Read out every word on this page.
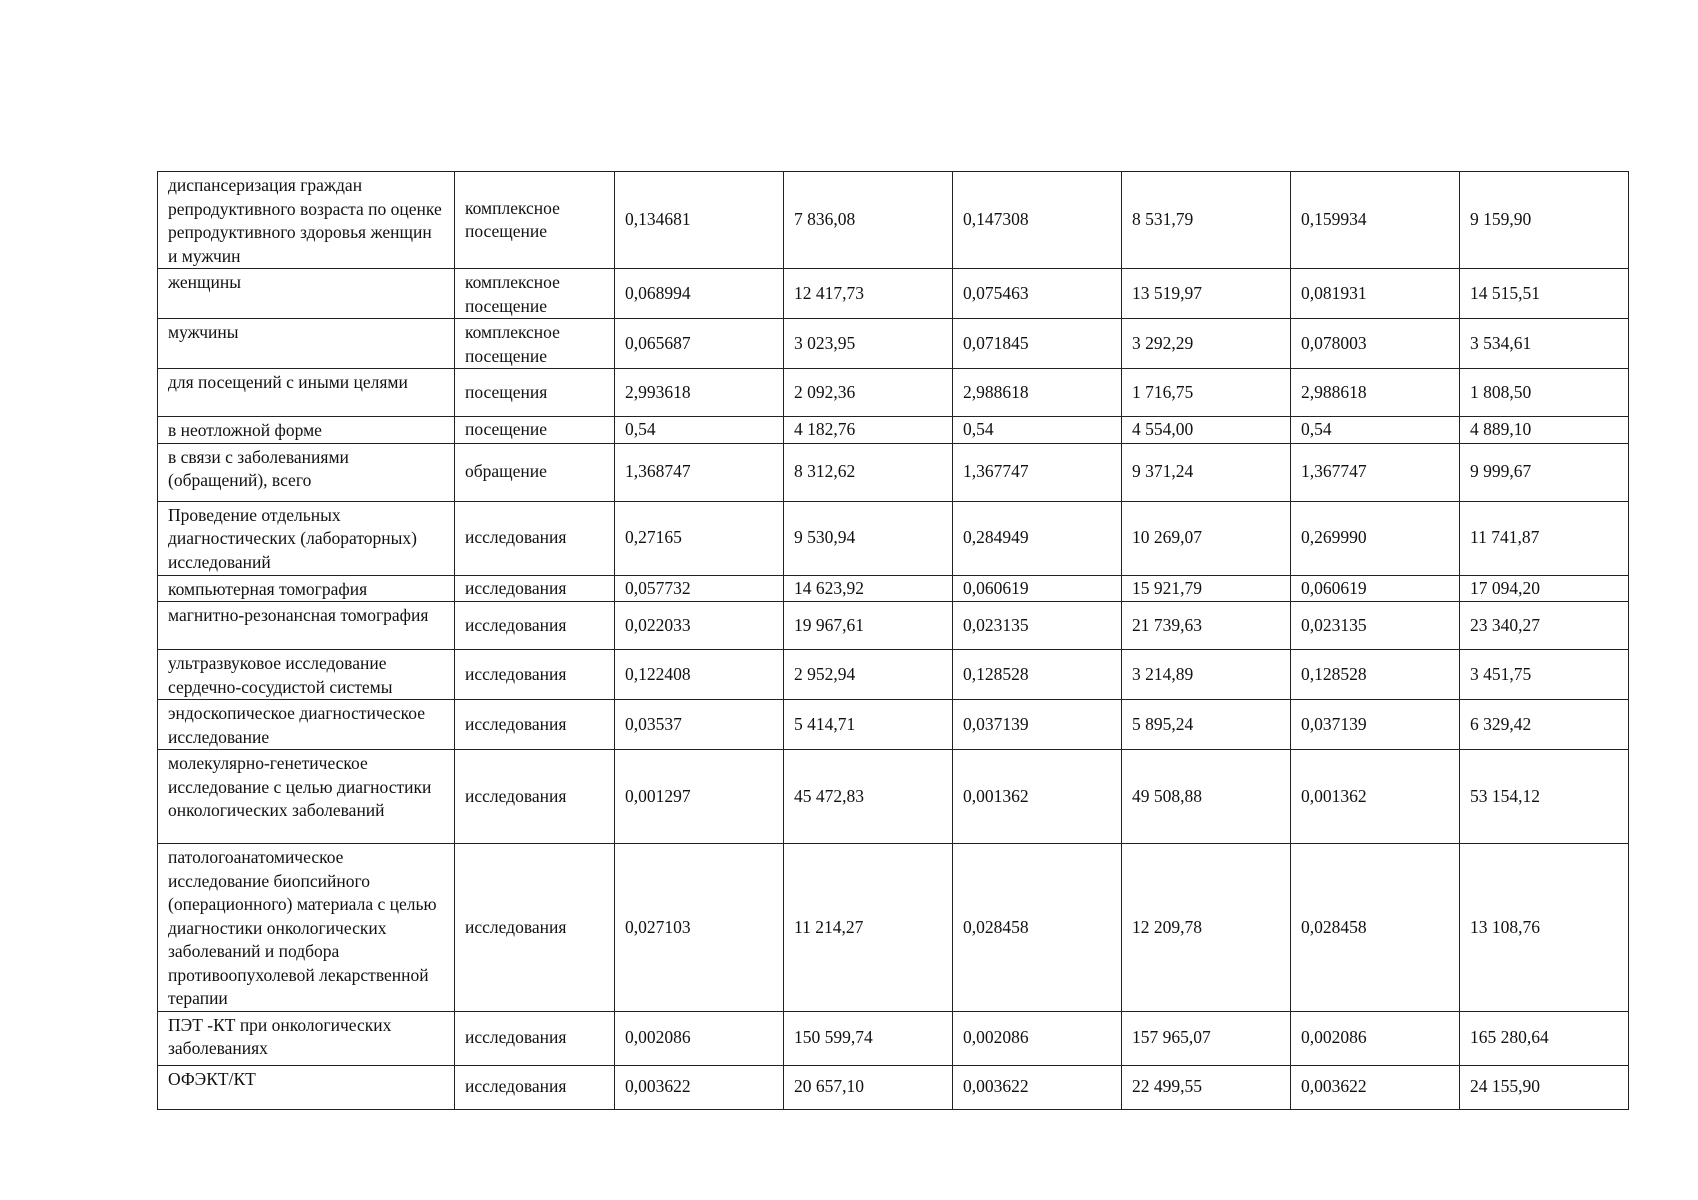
диспансеризация граждан репродуктивного возраста по оценке репродуктивного здоровья женщин и мужчин	комплексное посещение	0,134681	7 836,08	0,147308	8 531,79	0,159934	9 159,90
женщины	комплексное посещение	0,068994	12 417,73	0,075463	13 519,97	0,081931	14 515,51
мужчины	комплексное посещение	0,065687	3 023,95	0,071845	3 292,29	0,078003	3 534,61
для посещений с иными целями	посещения	2,993618	2 092,36	2,988618	1 716,75	2,988618	1 808,50
в неотложной форме	посещение	0,54	4 182,76	0,54	4 554,00	0,54	4 889,10
в связи с заболеваниями (обращений), всего	обращение	1,368747	8 312,62	1,367747	9 371,24	1,367747	9 999,67
Проведение отдельных диагностических (лабораторных) исследований	исследования	0,27165	9 530,94	0,284949	10 269,07	0,269990	11 741,87
компьютерная томография	исследования	0,057732	14 623,92	0,060619	15 921,79	0,060619	17 094,20
магнитно-резонансная томография	исследования	0,022033	19 967,61	0,023135	21 739,63	0,023135	23 340,27
ультразвуковое исследование сердечно-сосудистой системы	исследования	0,122408	2 952,94	0,128528	3 214,89	0,128528	3 451,75
эндоскопическое диагностическое исследование	исследования	0,03537	5 414,71	0,037139	5 895,24	0,037139	6 329,42
молекулярно-генетическое исследование с целью диагностики онкологических заболеваний	исследования	0,001297	45 472,83	0,001362	49 508,88	0,001362	53 154,12
патологоанатомическое исследование биопсийного (операционного) материала с целью диагностики онкологических заболеваний и подбора противоопухолевой лекарственной терапии	исследования	0,027103	11 214,27	0,028458	12 209,78	0,028458	13 108,76
ПЭТ -КТ при онкологических заболеваниях	исследования	0,002086	150 599,74	0,002086	157 965,07	0,002086	165 280,64
ОФЭКТ/КТ	исследования	0,003622	20 657,10	0,003622	22 499,55	0,003622	24 155,90
